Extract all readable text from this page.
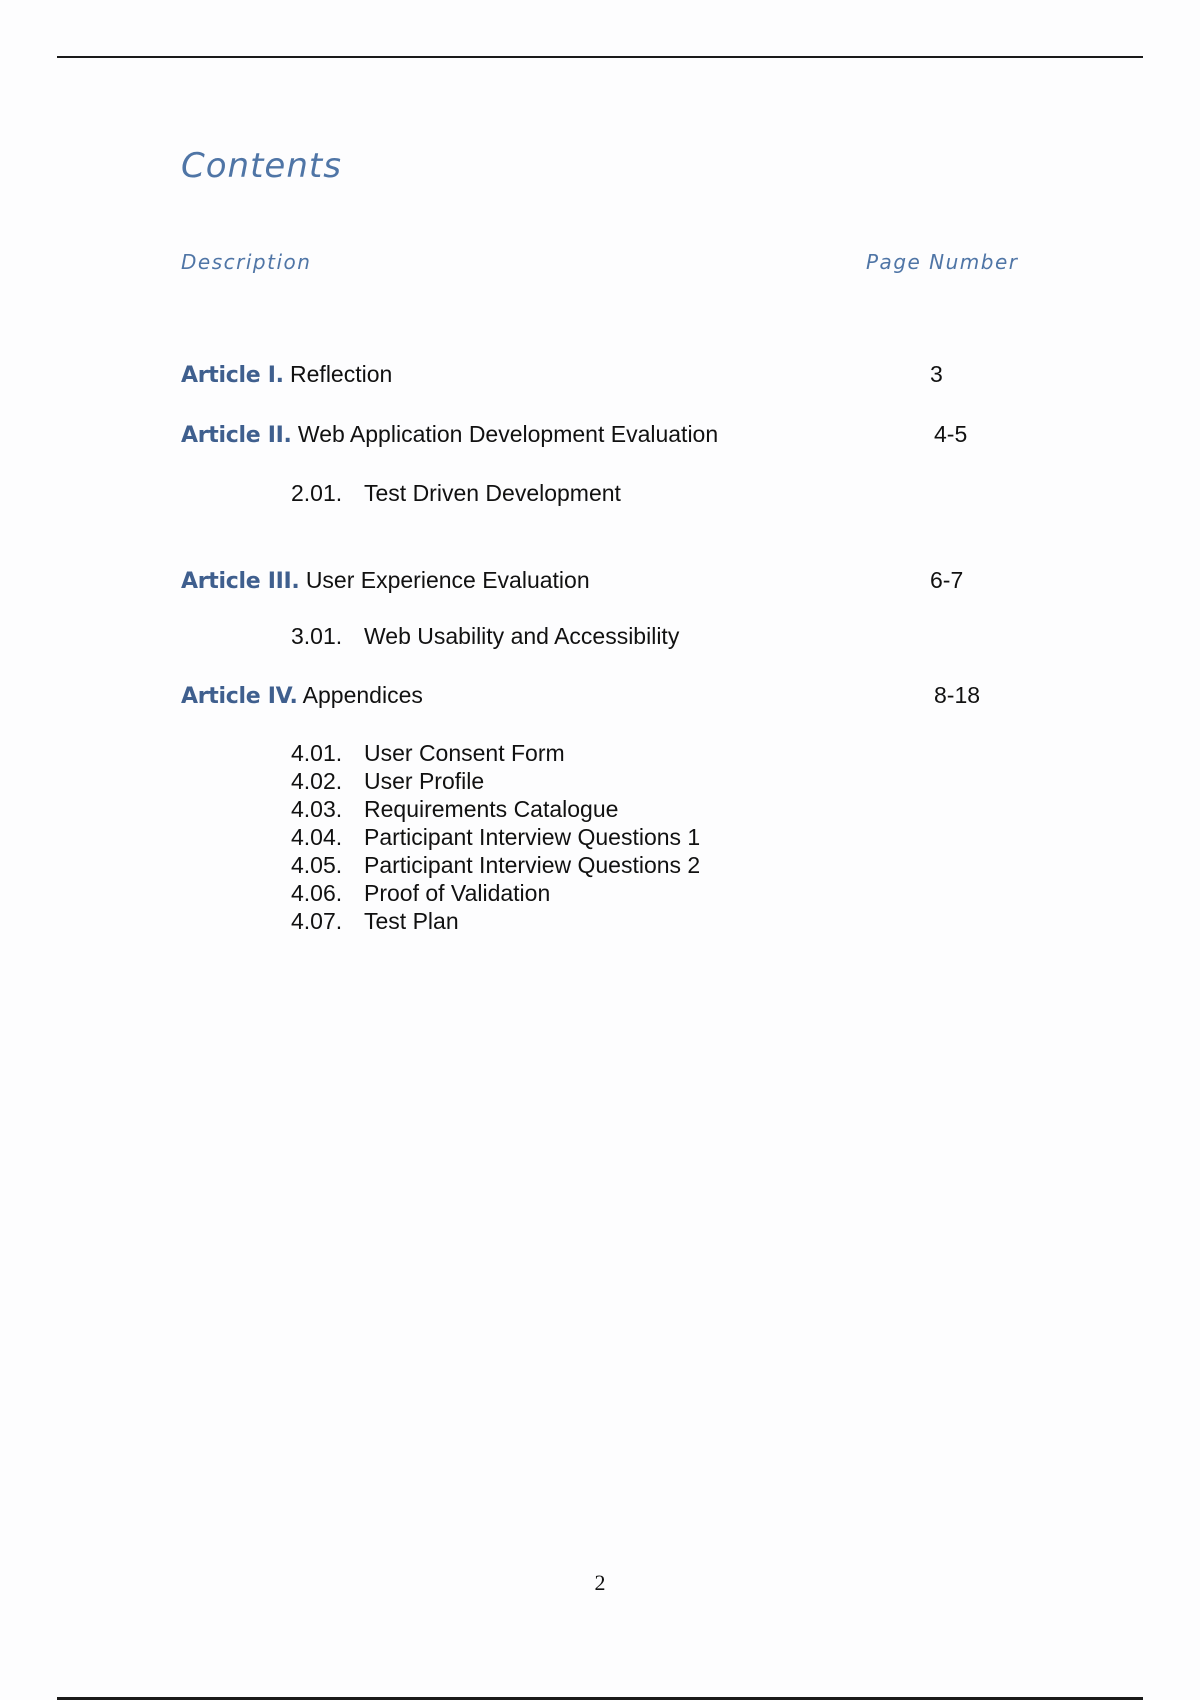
Contents
Description	Page Number
Article I. Reflection	3
Article II. Web Application Development Evaluation	4-5
2.01. Test Driven Development
Article III. User Experience Evaluation	6-7
3.01. Web Usability and Accessibility
Article IV. Appendices	8-18
4.01. User Consent Form
4.02. User Profile
4.03. Requirements Catalogue
4.04. Participant Interview Questions 1
4.05. Participant Interview Questions 2
4.06. Proof of Validation
4.07. Test Plan
2
